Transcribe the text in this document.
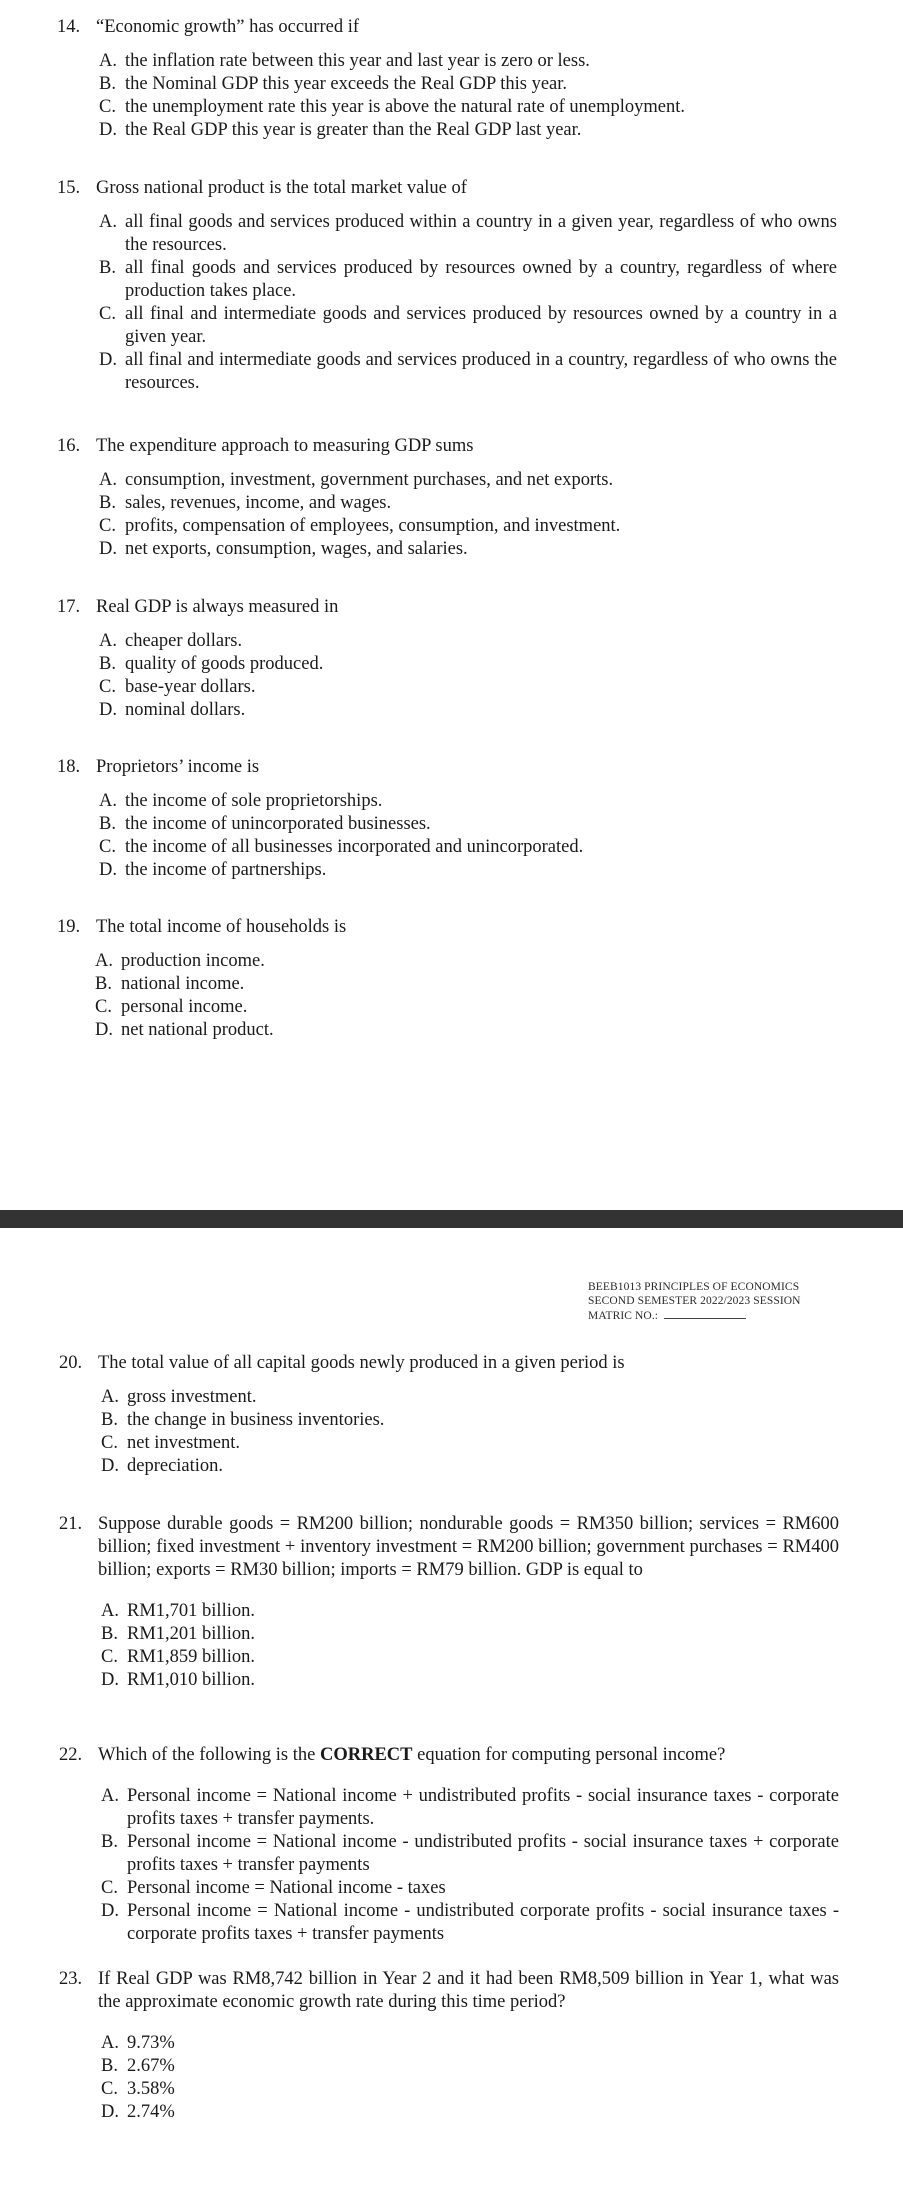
14. “Economic growth” has occurred if
A. the inflation rate between this year and last year is zero or less.
B. the Nominal GDP this year exceeds the Real GDP this year.
C. the unemployment rate this year is above the natural rate of unemployment.
D. the Real GDP this year is greater than the Real GDP last year.
15. Gross national product is the total market value of
A. all final goods and services produced within a country in a given year, regardless of who owns the resources.
B. all final goods and services produced by resources owned by a country, regardless of where production takes place.
C. all final and intermediate goods and services produced by resources owned by a country in a given year.
D. all final and intermediate goods and services produced in a country, regardless of who owns the resources.
16. The expenditure approach to measuring GDP sums
A. consumption, investment, government purchases, and net exports.
B. sales, revenues, income, and wages.
C. profits, compensation of employees, consumption, and investment.
D. net exports, consumption, wages, and salaries.
17. Real GDP is always measured in
A. cheaper dollars.
B. quality of goods produced.
C. base-year dollars.
D. nominal dollars.
18. Proprietors’ income is
A. the income of sole proprietorships.
B. the income of unincorporated businesses.
C. the income of all businesses incorporated and unincorporated.
D. the income of partnerships.
19. The total income of households is
A. production income.
B. national income.
C. personal income.
D. net national product.
BEEB1013 PRINCIPLES OF ECONOMICS
SECOND SEMESTER 2022/2023 SESSION
MATRIC NO.:
20. The total value of all capital goods newly produced in a given period is
A. gross investment.
B. the change in business inventories.
C. net investment.
D. depreciation.
21. Suppose durable goods = RM200 billion; nondurable goods = RM350 billion; services = RM600 billion; fixed investment + inventory investment = RM200 billion; government purchases = RM400 billion; exports = RM30 billion; imports = RM79 billion. GDP is equal to
A. RM1,701 billion.
B. RM1,201 billion.
C. RM1,859 billion.
D. RM1,010 billion.
22. Which of the following is the CORRECT equation for computing personal income?
A. Personal income = National income + undistributed profits - social insurance taxes - corporate profits taxes + transfer payments.
B. Personal income = National income - undistributed profits - social insurance taxes + corporate profits taxes + transfer payments
C. Personal income = National income - taxes
D. Personal income = National income - undistributed corporate profits - social insurance taxes - corporate profits taxes + transfer payments
23. If Real GDP was RM8,742 billion in Year 2 and it had been RM8,509 billion in Year 1, what was the approximate economic growth rate during this time period?
A. 9.73%
B. 2.67%
C. 3.58%
D. 2.74%
